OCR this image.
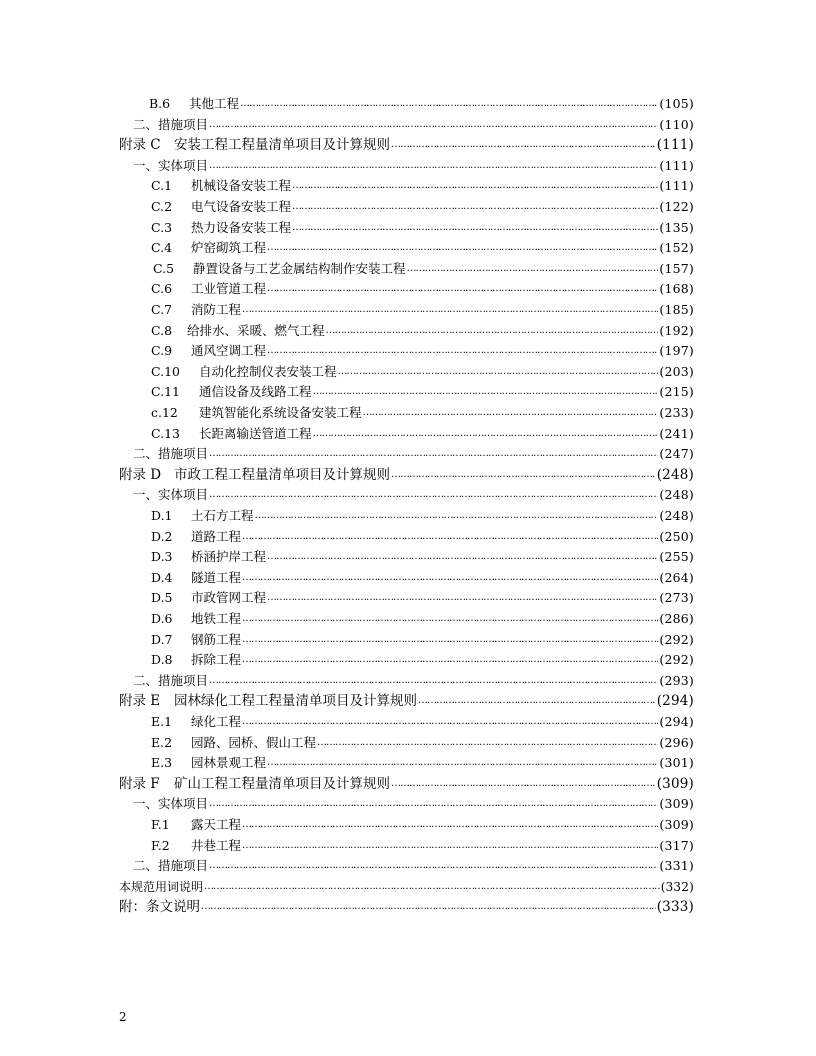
B.6	其他工程 …………………………………………………………………………………………………………………………………………………………………………………………………………………………………………………………………………………………………………	(105)
二、措施项目 …………………………………………………………………………………………………………………………………………………………………………………………………………………………………………………………………………………………………………	(110)
附录 C 安装工程工程量清单项目及计算规则 …………………………………………………………………………………………………………………………………………………………………………………………………………………………………………………………………………………………………………	(111)
一、实体项目 …………………………………………………………………………………………………………………………………………………………………………………………………………………………………………………………………………………………………………	(111)
C.1	机械设备安装工程 …………………………………………………………………………………………………………………………………………………………………………………………………………………………………………………………………………………………………………	(111)
C.2	电气设备安装工程 …………………………………………………………………………………………………………………………………………………………………………………………………………………………………………………………………………………………………………	(122)
C.3	热力设备安装工程 …………………………………………………………………………………………………………………………………………………………………………………………………………………………………………………………………………………………………………	(135)
C.4	炉窑砌筑工程 …………………………………………………………………………………………………………………………………………………………………………………………………………………………………………………………………………………………………………	(152)
C.5	静置设备与工艺金属结构制作安装工程 …………………………………………………………………………………………………………………………………………………………………………………………………………………………………………………………………………………………………………	(157)
C.6	工业管道工程 …………………………………………………………………………………………………………………………………………………………………………………………………………………………………………………………………………………………………………	(168)
C.7	消防工程 …………………………………………………………………………………………………………………………………………………………………………………………………………………………………………………………………………………………………………	(185)
C.8	给排水、采暖、燃气工程 …………………………………………………………………………………………………………………………………………………………………………………………………………………………………………………………………………………………………………	(192)
C.9	通风空调工程 …………………………………………………………………………………………………………………………………………………………………………………………………………………………………………………………………………………………………………	(197)
C.10	自动化控制仪表安装工程 …………………………………………………………………………………………………………………………………………………………………………………………………………………………………………………………………………………………………………	(203)
C.11	通信设备及线路工程 …………………………………………………………………………………………………………………………………………………………………………………………………………………………………………………………………………………………………………	(215)
c.12	建筑智能化系统设备安装工程 …………………………………………………………………………………………………………………………………………………………………………………………………………………………………………………………………………………………………………	(233)
C.13	长距离输送管道工程 …………………………………………………………………………………………………………………………………………………………………………………………………………………………………………………………………………………………………………	(241)
二、措施项目 …………………………………………………………………………………………………………………………………………………………………………………………………………………………………………………………………………………………………………	(247)
附录 D 市政工程工程量清单项目及计算规则 …………………………………………………………………………………………………………………………………………………………………………………………………………………………………………………………………………………………………………	(248)
一、实体项目 …………………………………………………………………………………………………………………………………………………………………………………………………………………………………………………………………………………………………………	(248)
D.1	土石方工程 …………………………………………………………………………………………………………………………………………………………………………………………………………………………………………………………………………………………………………	(248)
D.2	道路工程 …………………………………………………………………………………………………………………………………………………………………………………………………………………………………………………………………………………………………………	(250)
D.3	桥涵护岸工程 …………………………………………………………………………………………………………………………………………………………………………………………………………………………………………………………………………………………………………	(255)
D.4	隧道工程 …………………………………………………………………………………………………………………………………………………………………………………………………………………………………………………………………………………………………………	(264)
D.5	市政管网工程 …………………………………………………………………………………………………………………………………………………………………………………………………………………………………………………………………………………………………………	(273)
D.6	地铁工程 …………………………………………………………………………………………………………………………………………………………………………………………………………………………………………………………………………………………………………	(286)
D.7	钢筋工程 …………………………………………………………………………………………………………………………………………………………………………………………………………………………………………………………………………………………………………	(292)
D.8	拆除工程 …………………………………………………………………………………………………………………………………………………………………………………………………………………………………………………………………………………………………………	(292)
二、措施项目 …………………………………………………………………………………………………………………………………………………………………………………………………………………………………………………………………………………………………………	(293)
附录 E	园林绿化工程工程量清单项目及计算规则 …………………………………………………………………………………………………………………………………………………………………………………………………………………………………………………………………………………………………………	(294)
E.1	绿化工程 …………………………………………………………………………………………………………………………………………………………………………………………………………………………………………………………………………………………………………	(294)
E.2	园路、园桥、假山工程 …………………………………………………………………………………………………………………………………………………………………………………………………………………………………………………………………………………………………………	(296)
E.3	园林景观工程 …………………………………………………………………………………………………………………………………………………………………………………………………………………………………………………………………………………………………………	(301)
附录 F	矿山工程工程量清单项目及计算规则 …………………………………………………………………………………………………………………………………………………………………………………………………………………………………………………………………………………………………………	(309)
一、实体项目 …………………………………………………………………………………………………………………………………………………………………………………………………………………………………………………………………………………………………………	(309)
F.1	露天工程 …………………………………………………………………………………………………………………………………………………………………………………………………………………………………………………………………………………………………………	(309)
F.2	井巷工程 …………………………………………………………………………………………………………………………………………………………………………………………………………………………………………………………………………………………………………	(317)
二、措施项目 …………………………………………………………………………………………………………………………………………………………………………………………………………………………………………………………………………………………………………	(331)
本规范用词说明 …………………………………………………………………………………………………………………………………………………………………………………………………………………………………………………………………………………………………………	(332)
附：条文说明 …………………………………………………………………………………………………………………………………………………………………………………………………………………………………………………………………………………………………………	(333)
2
